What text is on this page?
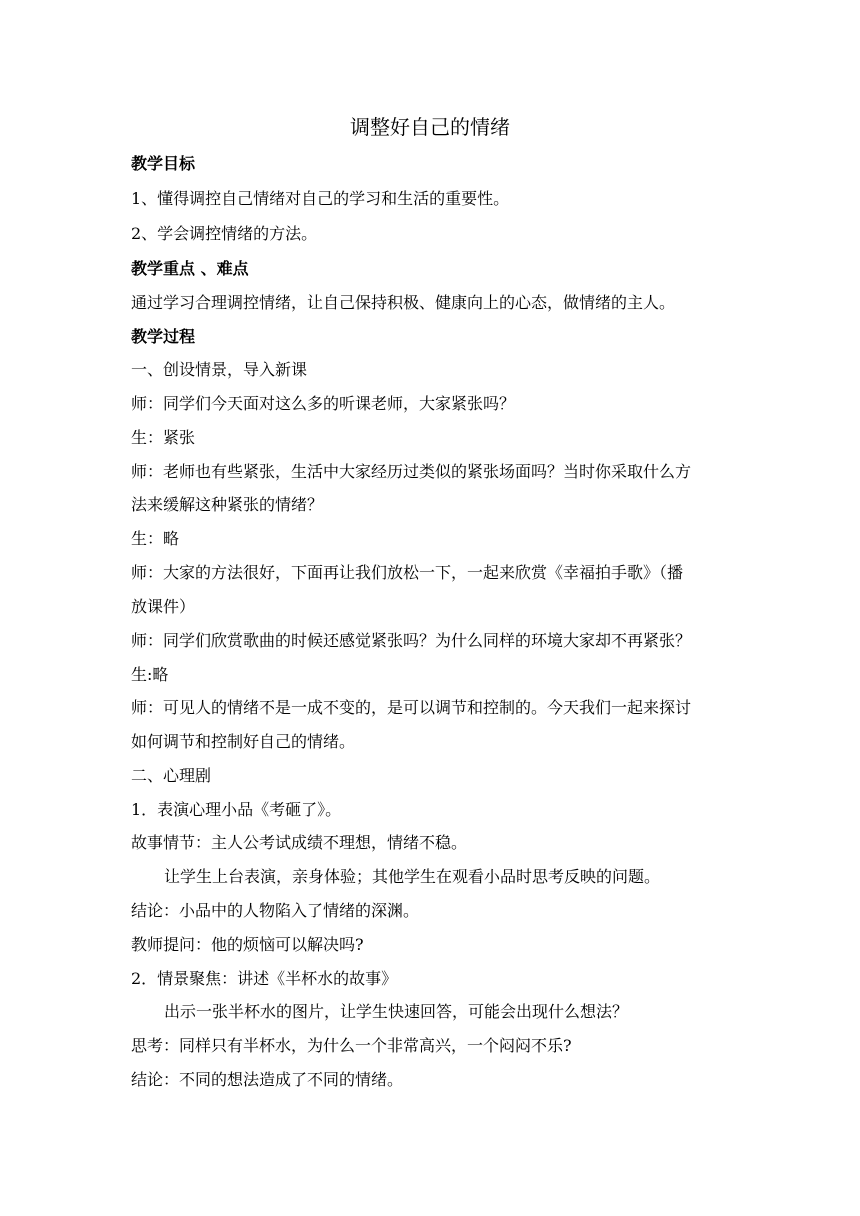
调整好自己的情绪
教学目标
1、懂得调控自己情绪对自己的学习和生活的重要性。
2、学会调控情绪的方法。
教学重点 、难点
通过学习合理调控情绪，让自己保持积极、健康向上的心态，做情绪的主人。
教学过程
一、创设情景，导入新课
师：同学们今天面对这么多的听课老师，大家紧张吗？
生：紧张
师：老师也有些紧张，生活中大家经历过类似的紧张场面吗？当时你采取什么方
法来缓解这种紧张的情绪？
生：略
师：大家的方法很好，下面再让我们放松一下，一起来欣赏《幸福拍手歌》（播
放课件）
师：同学们欣赏歌曲的时候还感觉紧张吗？为什么同样的环境大家却不再紧张？
生:略
师：可见人的情绪不是一成不变的，是可以调节和控制的。今天我们一起来探讨
如何调节和控制好自己的情绪。
二、心理剧
1．表演心理小品《考砸了》。
故事情节：主人公考试成绩不理想，情绪不稳。
让学生上台表演，亲身体验；其他学生在观看小品时思考反映的问题。
结论：小品中的人物陷入了情绪的深渊。
教师提问：他的烦恼可以解决吗?
2．情景聚焦：讲述《半杯水的故事》
出示一张半杯水的图片，让学生快速回答，可能会出现什么想法？
思考：同样只有半杯水，为什么一个非常高兴，一个闷闷不乐?
结论：不同的想法造成了不同的情绪。
